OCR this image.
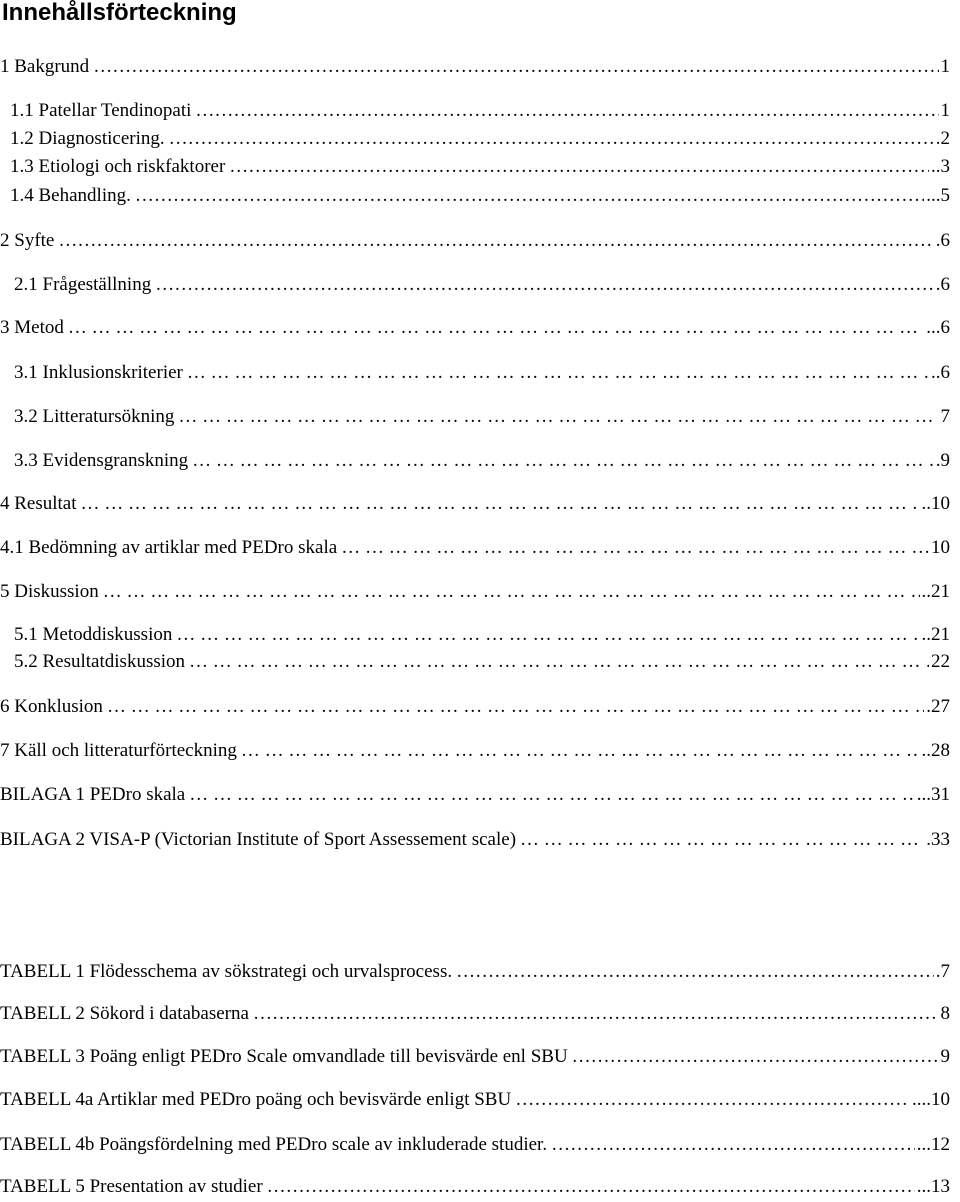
Innehållsförteckning
1 Bakgrund ………………………………………………………………………………………………………………………………………………………………………………………………………………………………………………	1
1.1 Patellar Tendinopati ………………………………………………………………………………………………………………………………………………………………………………………………………………………………………………	1
1.2 Diagnosticering. ………………………………………………………………………………………………………………………………………………………………………………………………………………………………………………	2
1.3 Etiologi och riskfaktorer ………………………………………………………………………………………………………………………………………………………………………………………………………………………………………………	..3
1.4 Behandling. ………………………………………………………………………………………………………………………………………………………………………………………………………………………………………………	...5
2 Syfte ………………………………………………………………………………………………………………………………………………………………………………………………………………………………………………	.6
2.1 Frågeställning ………………………………………………………………………………………………………………………………………………………………………………………………………………………………………………	.6
3 Metod … … … … … … … … … … … … … … … … … … … … … … … … … … … … … … … … … … … … … … … … … … … … … … … … … …	...6
3.1 Inklusionskriterier … … … … … … … … … … … … … … … … … … … … … … … … … … … … … … … … … … … … … … … … … … … … … … … … … …	..6
3.2 Litteratursökning … … … … … … … … … … … … … … … … … … … … … … … … … … … … … … … … … … … … … … … … … … … … … … … … … …	7
3.3 Evidensgranskning … … … … … … … … … … … … … … … … … … … … … … … … … … … … … … … … … … … … … … … … … … … … … … … … … …	.9
4 Resultat … … … … … … … … … … … … … … … … … … … … … … … … … … … … … … … … … … … … … … … … … … … … … … … … … …	..10
4.1 Bedömning av artiklar med PEDro skala … … … … … … … … … … … … … … … … … … … … … … … … … … … … … … … … … … … … … … … … … … … … … … … … … …	10
5 Diskussion … … … … … … … … … … … … … … … … … … … … … … … … … … … … … … … … … … … … … … … … … … … … … … … … … …	..21
5.1 Metoddiskussion … … … … … … … … … … … … … … … … … … … … … … … … … … … … … … … … … … … … … … … … … … … … … … … … … …	..21
5.2 Resultatdiskussion … … … … … … … … … … … … … … … … … … … … … … … … … … … … … … … … … … … … … … … … … … … … … … … … … …	22
6 Konklusion … … … … … … … … … … … … … … … … … … … … … … … … … … … … … … … … … … … … … … … … … … … … … … … … … …	.27
7 Käll och litteraturförteckning … … … … … … … … … … … … … … … … … … … … … … … … … … … … … … … … … … … … … … … … … … … … … … … … … …	..28
BILAGA 1 PEDro skala … … … … … … … … … … … … … … … … … … … … … … … … … … … … … … … … … … … … … … … … … … … … … … … … … …	...31
BILAGA 2 VISA-P (Victorian Institute of Sport Assessement scale) … … … … … … … … … … … … … … … … … … … … … … … … … … … … … … … … … … … … … … … … … … … … … … … … … …	.33
TABELL 1 Flödesschema av sökstrategi och urvalsprocess. ………………………………………………………………………………………………………………………………………………………………………………………………………………………………………………	.7
TABELL 2 Sökord i databaserna ………………………………………………………………………………………………………………………………………………………………………………………………………………………………………………	8
TABELL 3 Poäng enligt PEDro Scale omvandlade till bevisvärde enl SBU ………………………………………………………………………………………………………………………………………………………………………………………………………………………………………………	9
TABELL 4a Artiklar med PEDro poäng och bevisvärde enligt SBU ………………………………………………………………………………………………………………………………………………………………………………………………………………………………………………	....10
TABELL 4b Poängsfördelning med PEDro scale av inkluderade studier. ………………………………………………………………………………………………………………………………………………………………………………………………………………………………………………	...12
TABELL 5 Presentation av studier ………………………………………………………………………………………………………………………………………………………………………………………………………………………………………………	...13
